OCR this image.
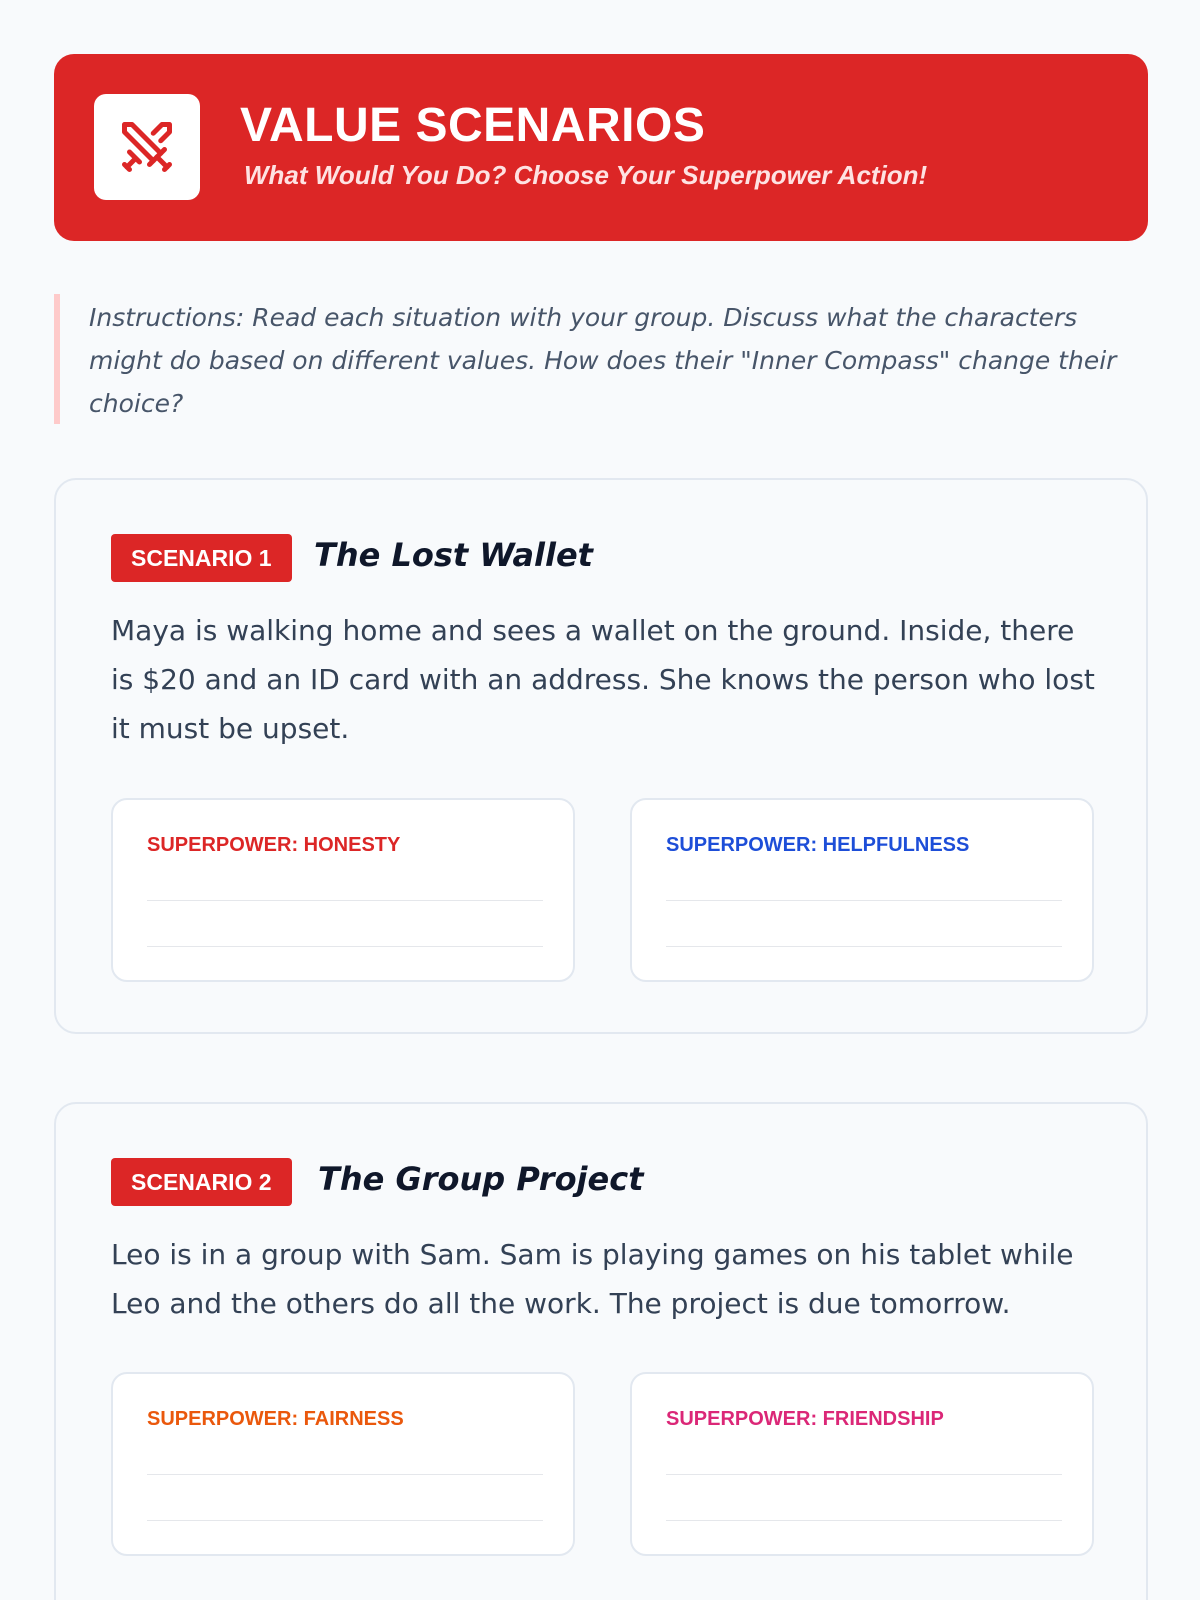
VALUE SCENARIOS
What Would You Do? Choose Your Superpower Action!

Instructions: Read each situation with your group. Discuss what the characters might do based on different values. How does their "Inner Compass" change their choice?

SCENARIO 1	The Lost Wallet
Maya is walking home and sees a wallet on the ground. Inside, there is $20 and an ID card with an address. She knows the person who lost it must be upset.
SUPERPOWER: HONESTY	SUPERPOWER: HELPFULNESS
SCENARIO 2	The Group Project
Leo is in a group with Sam. Sam is playing games on his tablet while Leo and the others do all the work. The project is due tomorrow.
SUPERPOWER: FAIRNESS	SUPERPOWER: FRIENDSHIP
